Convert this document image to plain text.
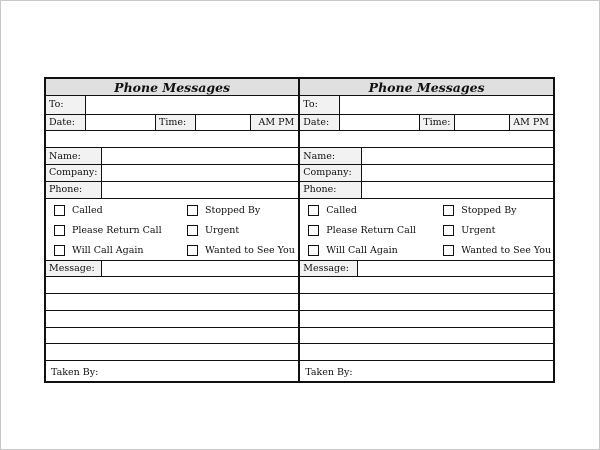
Phone Messages
To:
Date:	Time:	AM PM
Name:
Company:
Phone:
Called	Stopped By
Please Return Call	Urgent
Will Call Again	Wanted to See You
Message:
Taken By:
Phone Messages
To:
Date:	Time:	AM PM
Name:
Company:
Phone:
Called	Stopped By
Please Return Call	Urgent
Will Call Again	Wanted to See You
Message:
Taken By:
